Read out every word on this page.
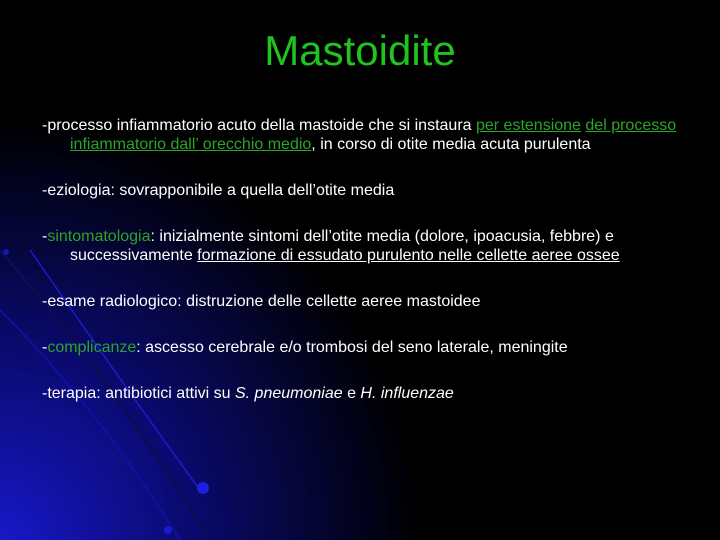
Mastoidite

-processo infiammatorio acuto della mastoide che si instaura per estensione del processo infiammatorio dall’ orecchio medio, in corso di otite media acuta purulenta

-eziologia: sovrapponibile a quella dell’otite media

-sintomatologia: inizialmente sintomi dell’otite media (dolore, ipoacusia, febbre) e successivamente formazione di essudato purulento nelle cellette aeree ossee

-esame radiologico: distruzione delle cellette aeree mastoidee

-complicanze: ascesso cerebrale e/o trombosi del seno laterale, meningite

-terapia: antibiotici attivi su S. pneumoniae e H. influenzae
